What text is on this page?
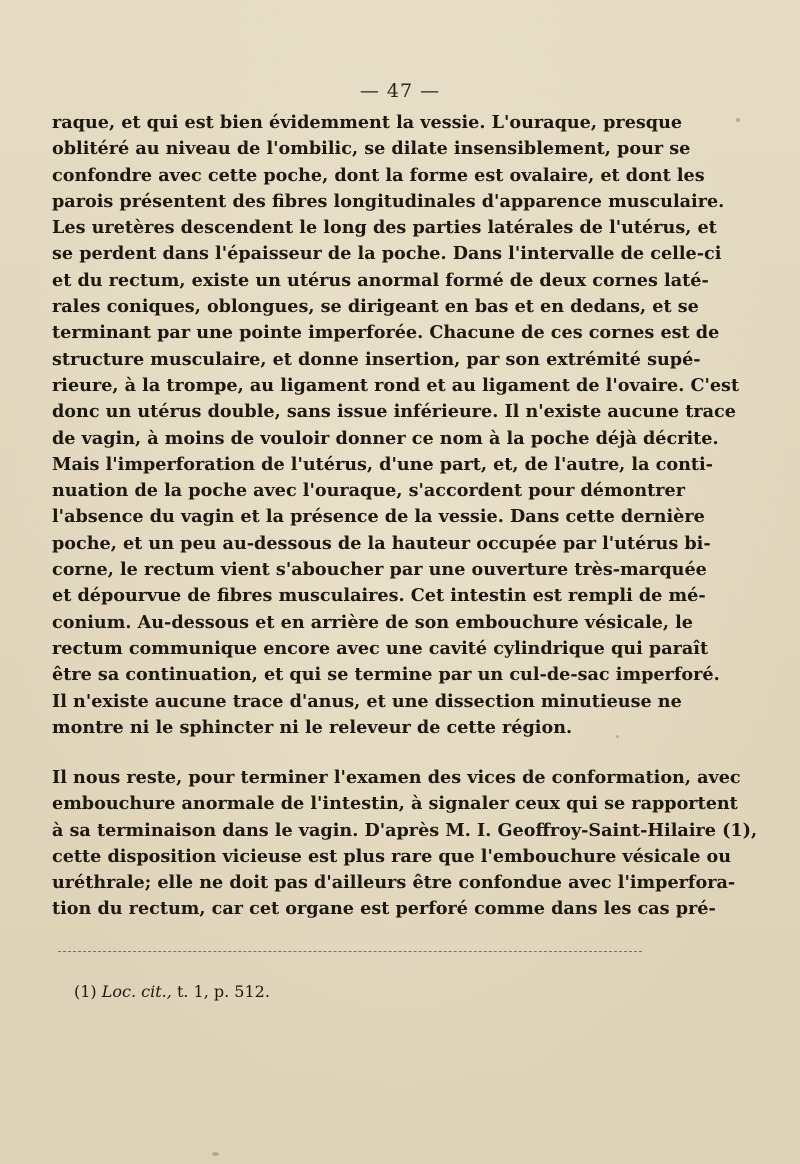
— 47 —
raque, et qui est bien évidemment la vessie. L'ouraque, presque
oblitéré au niveau de l'ombilic, se dilate insensiblement, pour se
confondre avec cette poche, dont la forme est ovalaire, et dont les
parois présentent des fibres longitudinales d'apparence musculaire.
Les uretères descendent le long des parties latérales de l'utérus, et
se perdent dans l'épaisseur de la poche. Dans l'intervalle de celle-ci
et du rectum, existe un utérus anormal formé de deux cornes laté-
rales coniques, oblongues, se dirigeant en bas et en dedans, et se
terminant par une pointe imperforée. Chacune de ces cornes est de
structure musculaire, et donne insertion, par son extrémité supé-
rieure, à la trompe, au ligament rond et au ligament de l'ovaire. C'est
donc un utérus double, sans issue inférieure. Il n'existe aucune trace
de vagin, à moins de vouloir donner ce nom à la poche déjà décrite.
Mais l'imperforation de l'utérus, d'une part, et, de l'autre, la conti-
nuation de la poche avec l'ouraque, s'accordent pour démontrer
l'absence du vagin et la présence de la vessie. Dans cette dernière
poche, et un peu au-dessous de la hauteur occupée par l'utérus bi-
corne, le rectum vient s'aboucher par une ouverture très-marquée
et dépourvue de fibres musculaires. Cet intestin est rempli de mé-
conium. Au-dessous et en arrière de son embouchure vésicale, le
rectum communique encore avec une cavité cylindrique qui paraît
être sa continuation, et qui se termine par un cul-de-sac imperforé.
Il n'existe aucune trace d'anus, et une dissection minutieuse ne
montre ni le sphincter ni le releveur de cette région.
Il nous reste, pour terminer l'examen des vices de conformation, avec
embouchure anormale de l'intestin, à signaler ceux qui se rapportent
à sa terminaison dans le vagin. D'après M. I. Geoffroy-Saint-Hilaire (1),
cette disposition vicieuse est plus rare que l'embouchure vésicale ou
uréthrale; elle ne doit pas d'ailleurs être confondue avec l'imperfora-
tion du rectum, car cet organe est perforé comme dans les cas pré-
(1) Loc. cit., t. 1, p. 512.
